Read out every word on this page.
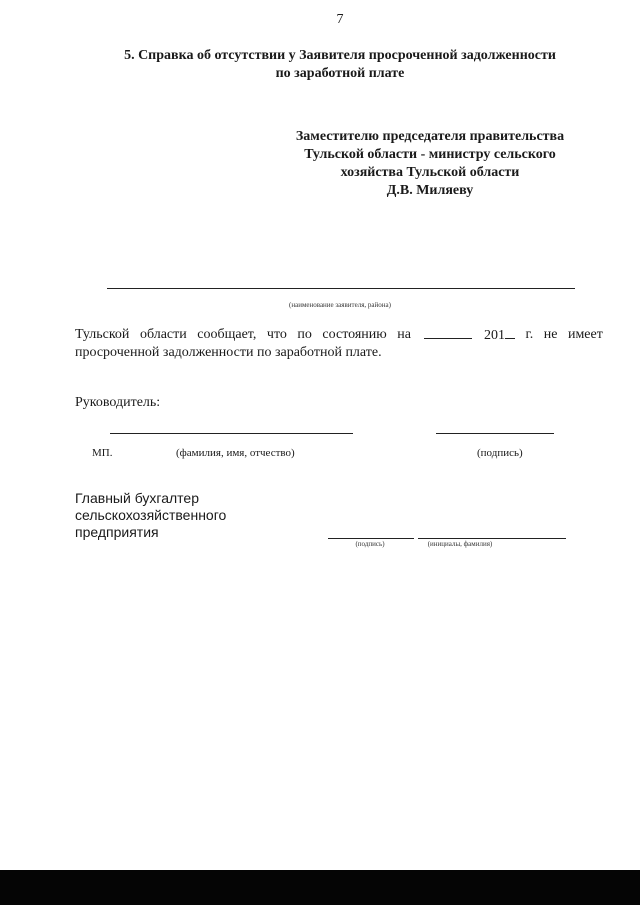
7
5. Справка об отсутствии у Заявителя просроченной задолженности
по заработной плате
Заместителю председателя правительства
Тульской области - министру сельского
хозяйства Тульской области
Д.В. Миляеву
(наименование заявителя, района)
Тульской области сообщает, что по состоянию на	201	г. не имеет
просроченной задолженности по заработной плате.
Руководитель:
МП.	(фамилия, имя, отчество)	(подпись)
Главный бухгалтер
сельскохозяйственного
предприятия
(подпись)	(инициалы, фамилия)
